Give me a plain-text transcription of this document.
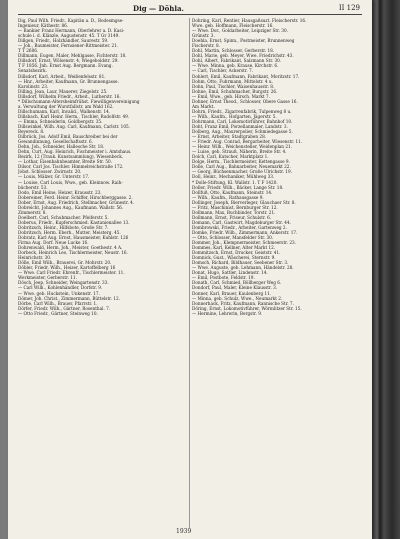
Dig — Döhla.	II 129
Dig, Paul Wilh. Friedr., Kapitän a. D., Bodesmgse-
Ingenieur, Käthestr. 86.
— Bankier Franz Hermann, Oberlehrer a. D. Kasi-
schule i. d. Klänzle, Augustenstr. 45. T Gr 3149.
Dillgen, Friedr., Holzhändler, Saurestr. 59.
— Joh., Baumeister, Fernsiener-Rittmeister. 21.
T T 2606.
Dillmann, Eugen, Maler, Mehlgasse, Fichterstr. 18.
Dillsdorf, Ernst, Wölsenstr. 4, Wiegeboldstr. 29.
T F 1856. Jnh. Ernst Aug. Bergmann. Evang.
Senatsbezirk.
Dillsdorf, Karl, Arbeit., Weißenfelsstr. 81.
— Hnr., Arbeiter, Kaufmann, Gr. Brunnengasse.
Karolinstr. 23.
Dilling, Jean, Laur, Mauerer, Ziegelstr. 25.
Dillsdorf, Wilhelm Friedr., Arbeit., Lutherstr. 16.
* Dillschumann-Altersheimfrühst. Fiewilligenvereinigung
a. Verwaltung der Wurstfallstr. am Wald 162.
Dillschumann, Karl, Invalid., Walkenstr. 14.
Dillsbach, Karl Heinr. Herm., Tischler, Rudolfstr. 49.
— Emma, Schneiderin, Goldbergstr. 35.
Dillswinkel, Wilh. Aug. Carl, Kaufmann, Carlstr. 105.
Beyereck. 8.
Dilbrück, Jos. Adolf Emil, Bauschreiber bei der
Gewandinnung, Gesellschaftsstr. 6.
Dehn, Joh., Schneider, Hallesche Str. 18.
Dehn, Curt, Aug. Heinrich, Fischmeister i. Amtshaus.
Bezirk, 12 (Trauk. Kunstsammlung), Wiesenbeck.
— Lothar, Eisenbahnbeamter, Breite Str. 50.
Dilsor, Carl Jos. Tischler. Himmelreichstraße 172.
Jobst. Schlosser. Zwirnstr. 20.
— Louis, Mälzer, Gr. Unterstr. 17.
— Louise, Carl Louis, Wwe., geb. Kleinnow. Raih-
bücherstr. 53.
Dodo, Emil Heine, Heizer, Krausstr. 23.
Dobereiner, Ferd. Heinr. Schiffer, Hirschberggasse. 2.
Dober, Ernst, Aug. Friedrich, Stellmacher, Grünestr. 4.
Dobreicht, Johannes Aug., Kaufmann. Wallstr. 56.
Zimmerstr. 8.
Doelbert, Carl, Schuhmacher. Pfeiferstr. 5.
Doberus, Friedr., Kupferschmied. Kastanienallee 13.
Dobritzsch, Heinr., Hilfsbote, Große Str. 7.
Dobritzsch, Herm. Eberh., Mutter, Meisterg. 45.
Dobratz, Karl Aug. Ernst, Hausmeister, Kuhlstr. 126
Firma Aug. Dorf. Neue Lucke 16.
Dohrenwald, Herm. Joh., Meister, Goethestr. 4 A.
Dorbeck, Heinrich Leo, Tischlermeister, Neustr. 16.
Heinrichstr. 30.
Dölle, Emil Wilh., Brauerei, Gr. Mohrstr. 20.
Döbler, Friedr. Wilh., Heizer, Kartoffelberg 16
— Wwe. Carl Friedr. Ehrenfr., Tischlermeister. 11.
Werkmeister, Gerberstr. 11.
Dösch, Jeep, Schneider, Weingartenstr. 33.
— Carl Wilh., Kohlenhändler, Dorfstr. 9.
— Wwe. geb. Huckstein, Unkenstr. 17.
Dömer, Joh. Christ., Zimmermann, Büttelstr. 12.
Dörbe, Carl Wilh., Brauer, Pfarrstr. 1.
Dörfer, Friedr. Wilh., Gärtner, Rosenthal. 7.
— Otto Friedr., Gärtner, Steinweg 10.
Dohring, Karl, Rentier, Hausgaßsuzt. Fleischerstr. 16.
Wwe. geb. Hoffmann, Fleischerstr. 16.
— Wwe. Dor., Goldarbeiter, Leipziger Str. 30.
Grünstr. 3.
Doehla, Ernst, Spinn., Postmeister, Brunnenweg
Fischerstr. 8.
Dohl, Martin, Schlosser, Gerberstr. 18.
Dohl, Marie, geb. Meyer, Wwe. Friedrichstr. 43.
Dohl, Albert, Fabrikant, Salzmann Str. 30.
— Wwe. Minna, geb. Krause, Kirchstr. 6.
— Carl, Tischler, Ackerstr. 7.
Dohlert, Emil, Kaufmann, Fabrikant, Moritzstr. 17.
Dohm, Otto, Fuhrmann, Mittelstr. 4 u.
Dohn, Paul, Tischler, Waisenhausstr. 8.
Dohne, Emil, Schuhmacher, Burgstr. 26.
— Emil, Wwe., geb. Hirsch. Markt 7.
Dohner, Ernst Theod., Schlosser, Obere Gasse 16.
Am Markt.
Dohrn, Friedr., Zigarrenfabrik, Tulpenweg 8 u.
— Wilh., Kaufm., Hofgarten, Jägerstr. 5.
Dohrmann, Carl, Lokomotivführer, Bahnhof 10.
Doht, Franz Emil, Porzellanmaler, Landstr. 3.
Dolberg, Aug., Maurerpolier, Schmiedegasse 5.
— Ernst, Arbeiter, Stadtgraben 28.
— Friedr. Aug. Conrad, Bergarbeiter, Wiesenstr. 11.
— Heinr. Wilh., Weichensteller, Weidenplan 21.
— Luise, geb. Strauß, Näherin, Breite Str. 4.
Dolch, Carl, Kutscher, Marktplatz 1.
Dolge, Herm., Tischlermeister, Kettengasse 9.
Dolle, Carl Aug., Bahnarbeiter, Neuemarkt 22.
— Georg, Büchsenmacher, Große Ulrichstr. 19.
Doll, Heinr., Mechaniker, Mühlweg 33.
* Dolle-Stiftung, Kl. Wallstr. 1. T F 1420.
Doller, Friedr. Wilh., Bäcker, Lange Str. 18.
Dollfuß, Otto, Kaufmann, Steinstr. 14.
— Wilh., Kaufm., Rathausgasse 9.
Dollinger, Joseph, Bierverleger, Glauchaer Str. 8.
— Fritz, Maschinist, Bernburger Str. 12.
Dollmann, Max, Buchbinder, Torstr. 21.
Dollmann, Ernst, Friseur, Schulstr. 6.
Domann, Carl, Gastwirt, Magdeburger Str. 44.
Dombrowski, Friedr., Arbeiter, Gartenweg 2.
Domke, Friedr. Wilh., Zimmermann, Ankerstr. 17.
— Otto, Schlosser, Mansfelder Str. 30.
Dommer, Joh., Klempnermeister, Schmeerstr. 23.
Dommes, Karl, Kellner, Alter Markt 12.
Dommitzsch, Ernst, Drucker, Geiststr. 41.
Domnick, Gust., Wäscherei, Sternstr. 9.
Domsch, Richard, Bildhauer, Seebener Str. 3.
— Wwe. Auguste, geb. Lehmann, Händelstr. 28.
Donat, Hugo, Sattler, Lindenstr. 14.
— Emil, Postbote, Feldstr. 19.
Donath, Carl, Schmied, Böllberger Weg 6.
Dondorf, Paul, Maler, Kleine Klausstr. 3.
Donner, Karl, Brauer, Kaulenberg 11.
— Minna, geb. Schulz, Wwe., Neumarkt 2.
Donnerhack, Fritz, Kaufmann, Rannische Str. 7.
Döring, Ernst, Lokomotivführer, Wörmlitzer Str. 15.
— Hermine, Lehrerin, Bergstr. 9.
1939
